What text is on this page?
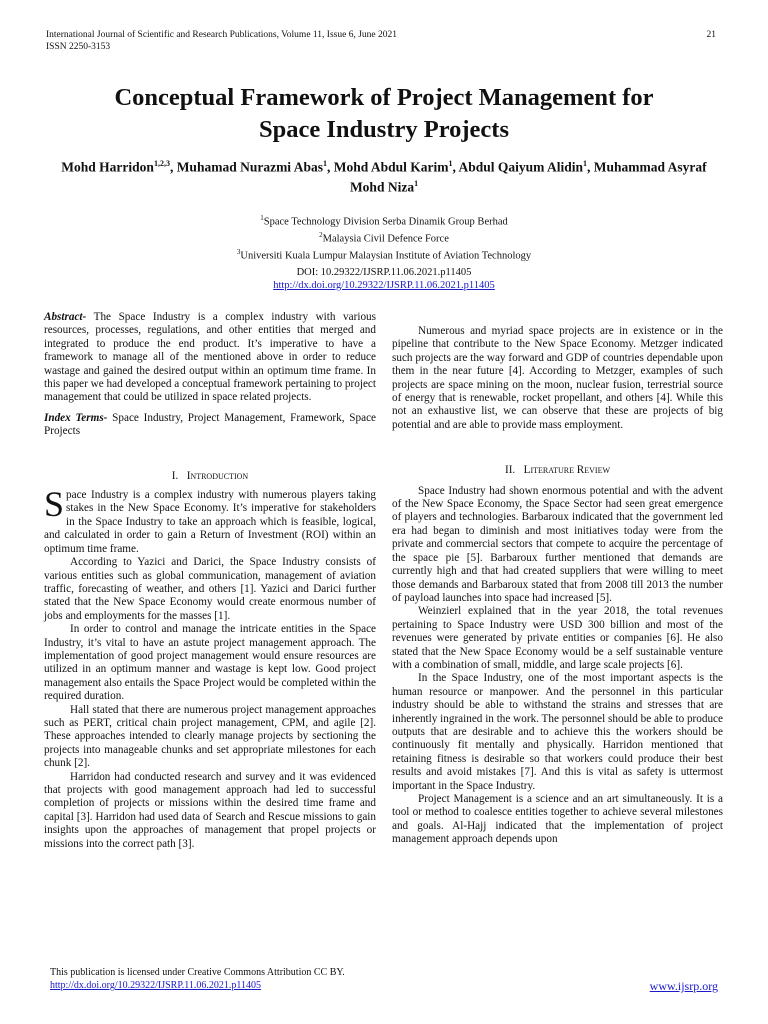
International Journal of Scientific and Research Publications, Volume 11, Issue 6, June 2021
ISSN 2250-3153
21
Conceptual Framework of Project Management for
Space Industry Projects
Mohd Harridon$^{1,2,3}$, Muhamad Nurazmi Abas$^1$, Mohd Abdul Karim$^1$, Abdul Qaiyum Alidin$^1$, Muhammad Asyraf Mohd Niza$^1$
$^1$Space Technology Division Serba Dinamik Group Berhad
$^2$Malaysia Civil Defence Force
$^3$Universiti Kuala Lumpur Malaysian Institute of Aviation Technology
DOI: 10.29322/IJSRP.11.06.2021.p11405
http://dx.doi.org/10.29322/IJSRP.11.06.2021.p11405

Abstract- The Space Industry is a complex industry with various resources, processes, regulations, and other entities that merged and integrated to produce the end product. It’s imperative to have a framework to manage all of the mentioned above in order to reduce wastage and gained the desired output within an optimum time frame. In this paper we had developed a conceptual framework pertaining to project management that could be utilized in space related projects.

Index Terms- Space Industry, Project Management, Framework, Space Projects

I. Introduction

Space Industry is a complex industry with numerous players taking stakes in the New Space Economy. It’s imperative for stakeholders in the Space Industry to take an approach which is feasible, logical, and calculated in order to gain a Return of Investment (ROI) within an optimum time frame.

According to Yazici and Darici, the Space Industry consists of various entities such as global communication, management of aviation traffic, forecasting of weather, and others [1]. Yazici and Darici further stated that the New Space Economy would create enormous number of jobs and employments for the masses [1].

In order to control and manage the intricate entities in the Space Industry, it’s vital to have an astute project management approach. The implementation of good project management would ensure resources are utilized in an optimum manner and wastage is kept low. Good project management also entails the Space Project would be completed within the required duration.

Hall stated that there are numerous project management approaches such as PERT, critical chain project management, CPM, and agile [2]. These approaches intended to clearly manage projects by sectioning the projects into manageable chunks and set appropriate milestones for each chunk [2].

Harridon had conducted research and survey and it was evidenced that projects with good management approach had led to successful completion of projects or missions within the desired time frame and capital [3]. Harridon had used data of Search and Rescue missions to gain insights upon the approaches of management that propel projects or missions into the correct path [3].

Numerous and myriad space projects are in existence or in the pipeline that contribute to the New Space Economy. Metzger indicated such projects are the way forward and GDP of countries dependable upon them in the near future [4]. According to Metzger, examples of such projects are space mining on the moon, nuclear fusion, terrestrial source of energy that is renewable, rocket propellant, and others [4]. While this not an exhaustive list, we can observe that these are projects of big potential and are able to provide mass employment.

II. Literature Review

Space Industry had shown enormous potential and with the advent of the New Space Economy, the Space Sector had seen great emergence of players and technologies. Barbaroux indicated that the government led era had began to diminish and most initiatives today were from the private and commercial sectors that compete to acquire the percentage of the space pie [5]. Barbaroux further mentioned that demands are currently high and that had created suppliers that were willing to meet those demands and Barbaroux stated that from 2008 till 2013 the number of payload launches into space had increased [5].

Weinzierl explained that in the year 2018, the total revenues pertaining to Space Industry were USD 300 billion and most of the revenues were generated by private entities or companies [6]. He also stated that the New Space Economy would be a self sustainable venture with a combination of small, middle, and large scale projects [6].

In the Space Industry, one of the most important aspects is the human resource or manpower. And the personnel in this particular industry should be able to withstand the strains and stresses that are inherently ingrained in the work. The personnel should be able to produce outputs that are desirable and to achieve this the workers should be continuously fit mentally and physically. Harridon mentioned that retaining fitness is desirable so that workers could produce their best results and avoid mistakes [7]. And this is vital as safety is uttermost important in the Space Industry.

Project Management is a science and an art simultaneously. It is a tool or method to coalesce entities together to achieve several milestones and goals. Al-Hajj indicated that the implementation of project management approach depends upon

This publication is licensed under Creative Commons Attribution CC BY.
http://dx.doi.org/10.29322/IJSRP.11.06.2021.p11405	www.ijsrp.org
